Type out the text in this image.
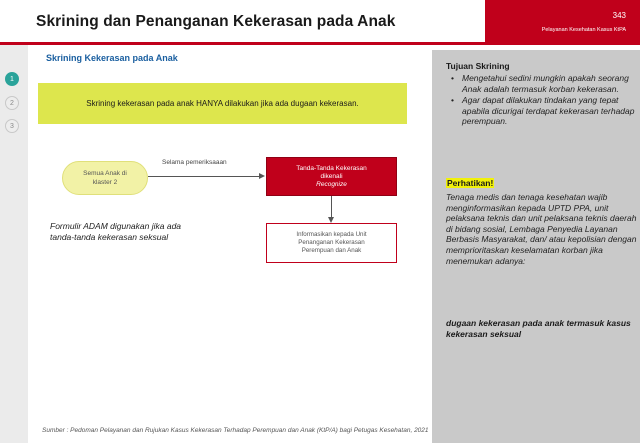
Skrining dan Penanganan Kekerasan pada Anak	343
Pelayanan Kesehatan Kasus KtPA
1
2
3
Skrining Kekerasan pada Anak
Skrining kekerasan pada anak HANYA dilakukan jika ada dugaan kekerasan.
Semua Anak di
klaster 2
Selama pemeriksaaan
Tanda-Tanda Kekerasan
dikenali
Recognize
Informasikan kepada Unit
Penanganan Kekerasan
Perempuan dan Anak
Formulir ADAM digunakan jika ada
tanda-tanda kekerasan seksual
Tujuan Skrining
• Mengetahui sedini mungkin apakah seorang Anak adalah termasuk korban kekerasan.
• Agar dapat dilakukan tindakan yang tepat apabila dicurigai terdapat kekerasan terhadap perempuan.
Perhatikan!
Tenaga medis dan tenaga kesehatan wajib menginformasikan kepada UPTD PPA, unit pelaksana teknis dan unit pelaksana teknis daerah di bidang sosial, Lembaga Penyedia Layanan Berbasis Masyarakat, dan/ atau kepolisian dengan memprioritaskan keselamatan korban jika menemukan adanya:
dugaan kekerasan pada anak termasuk kasus kekerasan seksual
Sumber : Pedoman Pelayanan dan Rujukan Kasus Kekerasan Terhadap Perempuan dan Anak (KtP/A) bagi Petugas Kesehatan, 2021
